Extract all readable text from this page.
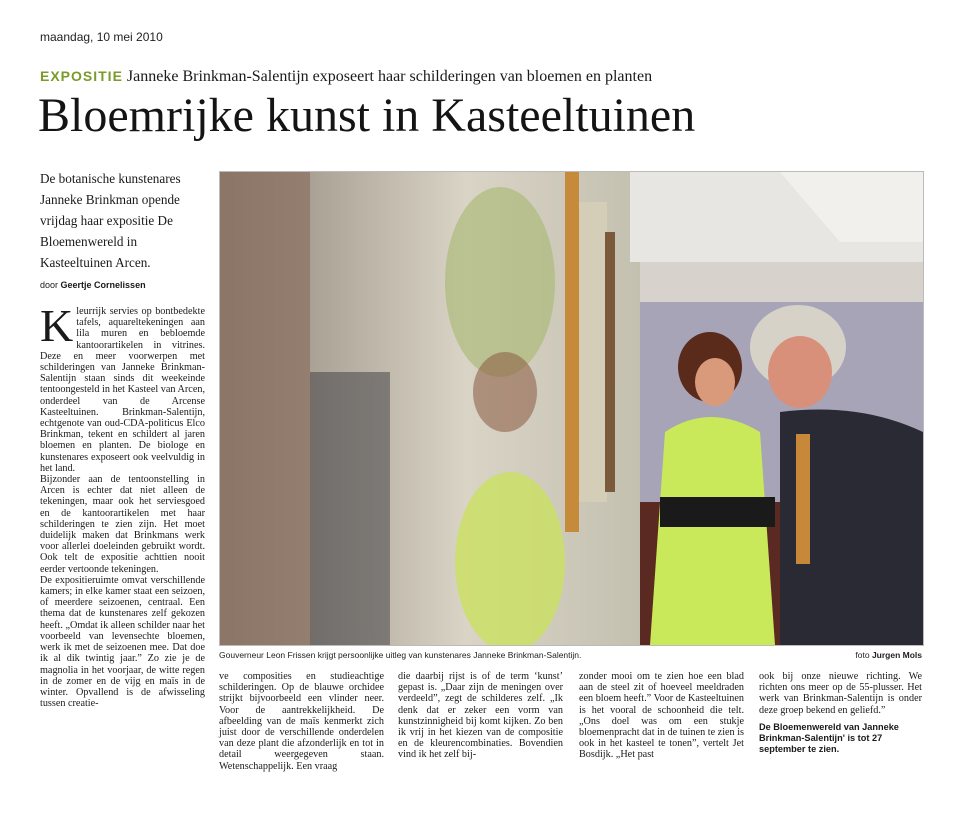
maandag, 10 mei 2010
EXPOSITIE Janneke Brinkman-Salentijn exposeert haar schilderingen van bloemen en planten
Bloemrijke kunst in Kasteeltuinen

De botanische kunstenares Janneke Brinkman opende vrijdag haar expositie De Bloemenwereld in Kasteeltuinen Arcen.

door Geertje Cornelissen
K leurrijk servies op bontbedekte tafels, aquareltekeningen aan lila muren en bebloemde kantoorartikelen in vitrines. Deze en meer voorwerpen met schilderingen van Janneke Brinkman-Salentijn staan sinds dit weekeinde tentoongesteld in het Kasteel van Arcen, onderdeel van de Arcense Kasteeltuinen. Brinkman-Salentijn, echtgenote van oud-CDA-politicus Elco Brinkman, tekent en schildert al jaren bloemen en planten. De biologe en kunstenares exposeert ook veelvuldig in het land.

Bijzonder aan de tentoonstelling in Arcen is echter dat niet alleen de tekeningen, maar ook het serviesgoed en de kantoorartikelen met haar schilderingen te zien zijn. Het moet duidelijk maken dat Brinkmans werk voor allerlei doeleinden gebruikt wordt. Ook telt de expositie achttien nooit eerder vertoonde tekeningen.

De expositieruimte omvat verschillende kamers; in elke kamer staat een seizoen, of meerdere seizoenen, centraal. Een thema dat de kunstenares zelf gekozen heeft. „Omdat ik alleen schilder naar het voorbeeld van levensechte bloemen, werk ik met de seizoenen mee. Dat doe ik al dik twintig jaar.” Zo zie je de magnolia in het voorjaar, de witte regen in de zomer en de vijg en maïs in de winter. Opvallend is de afwisseling tussen creatie-

Gouverneur Leon Frissen krijgt persoonlijke uitleg van kunstenares Janneke Brinkman-Salentijn.	foto Jurgen Mols

ve composities en studieachtige schilderingen. Op de blauwe orchidee strijkt bijvoorbeeld een vlinder neer. Voor de aantrekkelijkheid. De afbeelding van de maïs kenmerkt zich juist door de verschillende onderdelen van deze plant die afzonderlijk en tot in detail weergegeven staan. Wetenschappelijk. Een vraag

die daarbij rijst is of de term ‘kunst’ gepast is. „Daar zijn de meningen over verdeeld”, zegt de schilderes zelf. „Ik denk dat er zeker een vorm van kunstzinnigheid bij komt kijken. Zo ben ik vrij in het kiezen van de compositie en de kleurencombinaties. Bovendien vind ik het zelf bij-

zonder mooi om te zien hoe een blad aan de steel zit of hoeveel meeldraden een bloem heeft.” Voor de Kasteeltuinen is het vooral de schoonheid die telt. „Ons doel was om een stukje bloemenpracht dat in de tuinen te zien is ook in het kasteel te tonen”, vertelt Jet Bosdijk. „Het past

ook bij onze nieuwe richting. We richten ons meer op de 55-plusser. Het werk van Brinkman-Salentijn is onder deze groep bekend en geliefd.”

De Bloemenwereld van Janneke Brinkman-Salentijn' is tot 27 september te zien.
